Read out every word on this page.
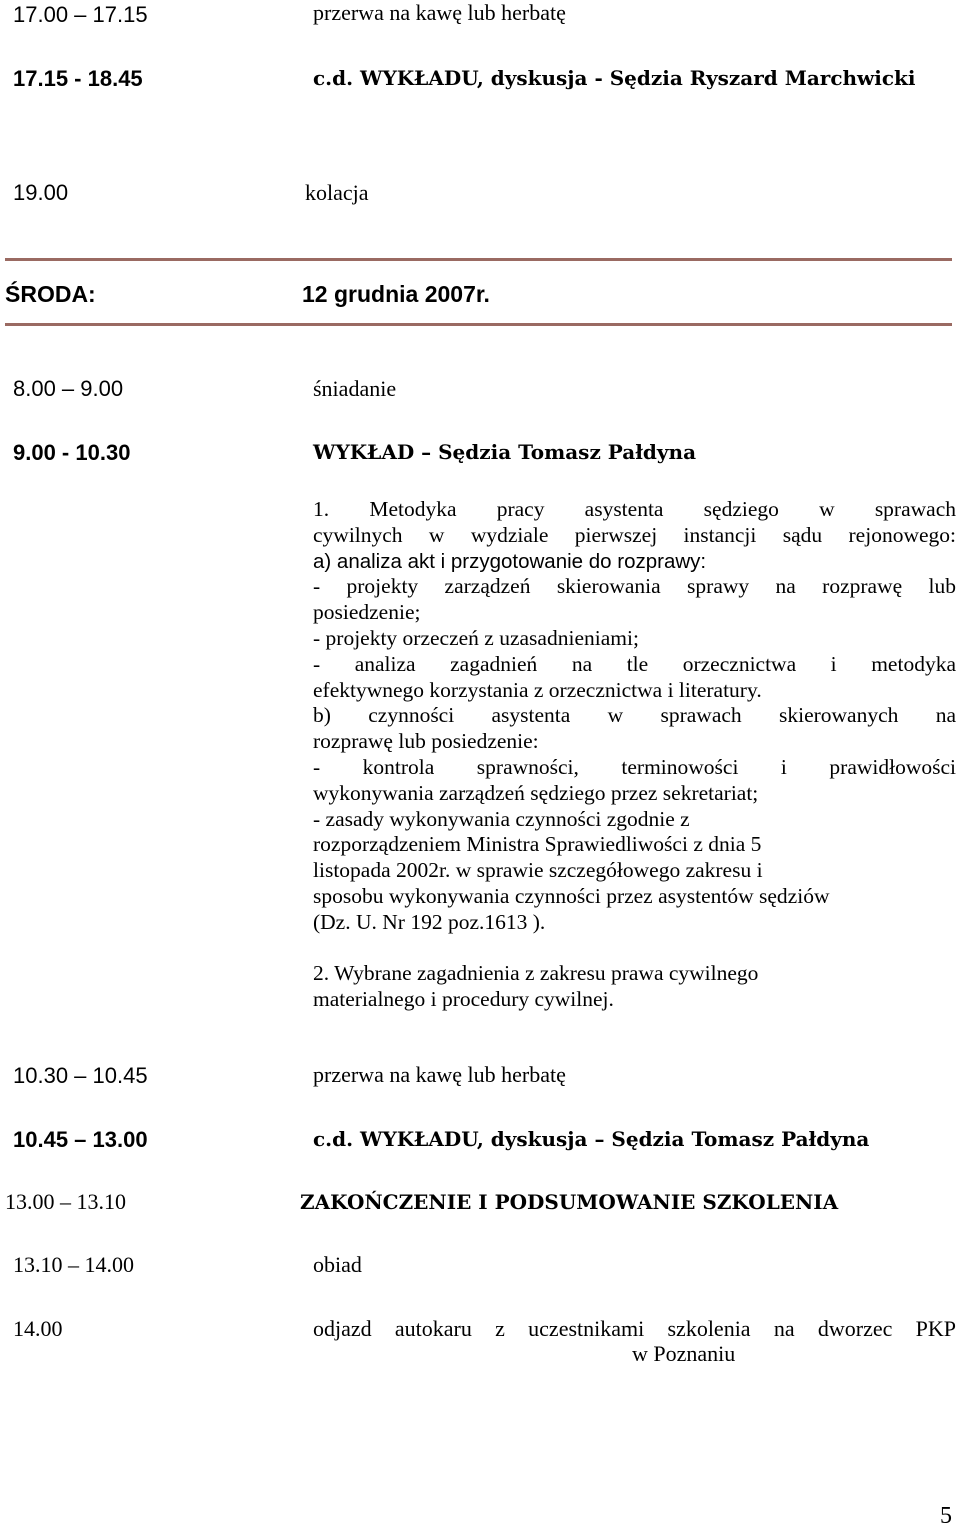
17.00 – 17.15	przerwa na kawę lub herbatę
17.15 - 18.45	c.d. WYKŁADU, dyskusja - Sędzia Ryszard Marchwicki
19.00	kolacja
ŚRODA:	12 grudnia 2007r.
8.00 – 9.00	śniadanie
9.00 - 10.30	WYKŁAD – Sędzia Tomasz Pałdyna
1. Metodyka pracy asystenta sędziego w sprawach
cywilnych w wydziale pierwszej instancji sądu rejonowego:
a) analiza akt i przygotowanie do rozprawy:
- projekty zarządzeń skierowania sprawy na rozprawę lub
posiedzenie;
- projekty orzeczeń z uzasadnieniami;
- analiza zagadnień na tle orzecznictwa i metodyka
efektywnego korzystania z orzecznictwa i literatury.
b) czynności asystenta w sprawach skierowanych na
rozprawę lub posiedzenie:
- kontrola sprawności, terminowości i prawidłowości
wykonywania zarządzeń sędziego przez sekretariat;
- zasady wykonywania czynności zgodnie z
rozporządzeniem Ministra Sprawiedliwości z dnia 5
listopada 2002r. w sprawie szczegółowego zakresu i
sposobu wykonywania czynności przez asystentów sędziów
(Dz. U. Nr 192 poz.1613 ).
2. Wybrane zagadnienia z zakresu prawa cywilnego
materialnego i procedury cywilnej.
10.30 – 10.45	przerwa na kawę lub herbatę
10.45 – 13.00	c.d. WYKŁADU, dyskusja – Sędzia Tomasz Pałdyna
13.00 – 13.10	ZAKOŃCZENIE I PODSUMOWANIE SZKOLENIA
13.10 – 14.00	obiad
14.00	odjazd autokaru z uczestnikami szkolenia na dworzec PKP
w Poznaniu
5
